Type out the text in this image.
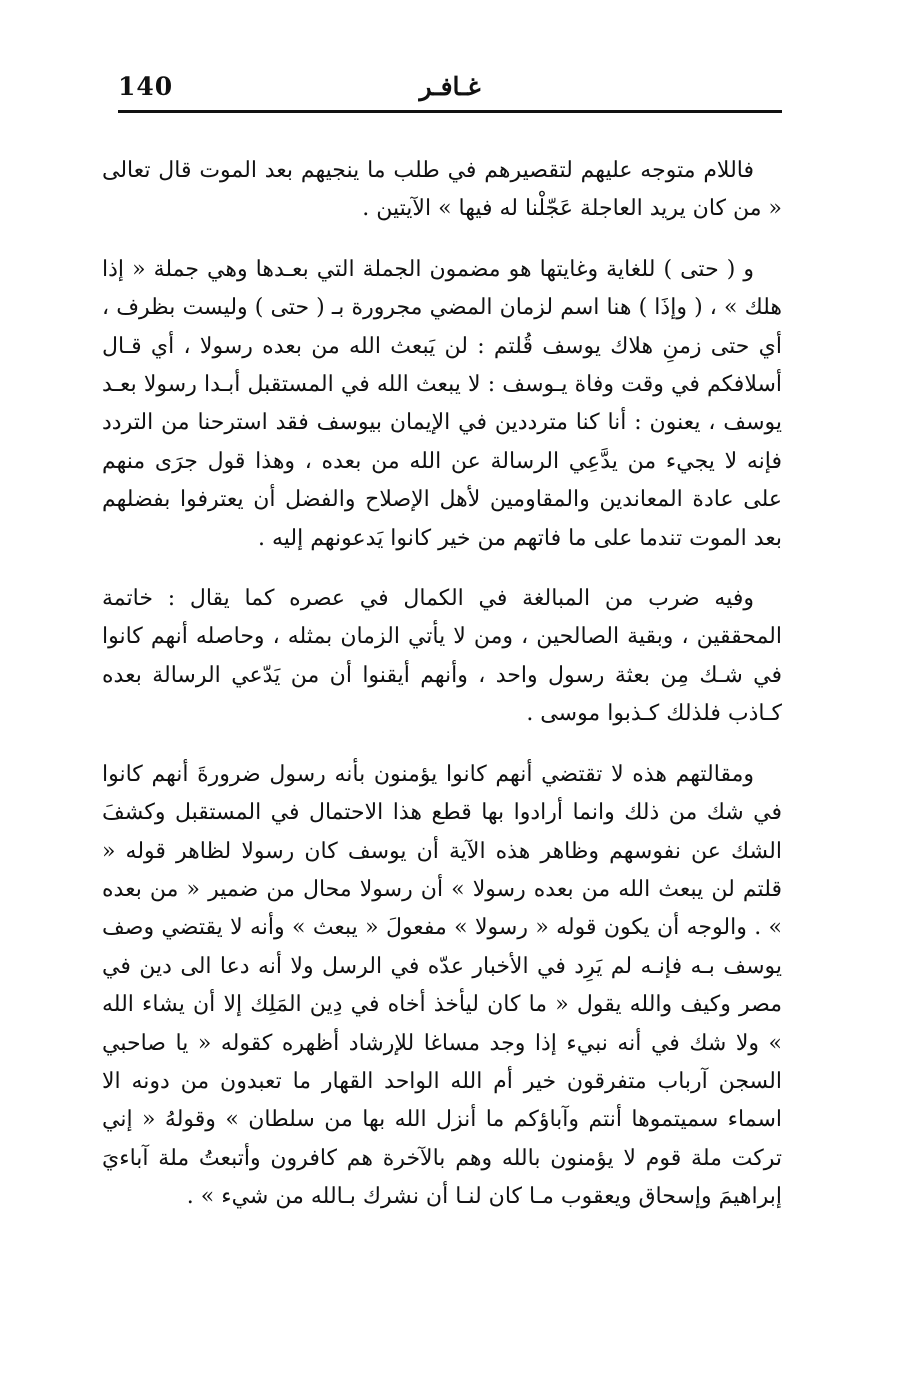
140	غـافـر

فاللام متوجه عليهم لتقصيرهم في طلب ما ينجيهم بعد الموت قال تعالى « من كان يريد العاجلة عَجّلْنا له فيها » الآيتين .

و ( حتى ) للغاية وغايتها هو مضمون الجملة التي بعـدها وهي جملة « إذا هلك » ، ( وإذَا ) هنا اسم لزمان المضي مجرورة بـ ( حتى ) وليست بظرف ، أي حتى زمنِ هلاك يوسف قُلتم : لن يَبعث الله من بعده رسولا ، أي قـال أسلافكم في وقت وفاة يـوسف : لا يبعث الله في المستقبل أبـدا رسولا بعـد يوسف ، يعنون : أنا كنا مترددين في الإيمان بيوسف فقد استرحنا من التردد فإنه لا يجيء من يدَّعِي الرسالة عن الله من بعده ، وهذا قول جرَى منهم على عادة المعاندين والمقاومين لأهل الإصلاح والفضل أن يعترفوا بفضلهم بعد الموت تندما على ما فاتهم من خير كانوا يَدعونهم إليه .

وفيه ضرب من المبالغة في الكمال في عصره كما يقال : خاتمة المحققين ، وبقية الصالحين ، ومن لا يأتي الزمان بمثله ، وحاصله أنهم كانوا في شـك مِن بعثة رسول واحد ، وأنهم أيقنوا أن من يَدّعي الرسالة بعده كـاذب فلذلك كـذبوا موسى .

ومقالتهم هذه لا تقتضي أنهم كانوا يؤمنون بأنه رسول ضرورةَ أنهم كانوا في شك من ذلك وانما أرادوا بها قطع هذا الاحتمال في المستقبل وكشفَ الشك عن نفوسهم وظاهر هذه الآية أن يوسف كان رسولا لظاهر قوله « قلتم لن يبعث الله من بعده رسولا » أن رسولا محال من ضمير « من بعده » . والوجه أن يكون قوله « رسولا » مفعولَ « يبعث » وأنه لا يقتضي وصف يوسف بـه فإنـه لم يَرِد في الأخبار عدّه في الرسل ولا أنه دعا الى دين في مصر وكيف والله يقول « ما كان ليأخذ أخاه في دِين المَلِك إلا أن يشاء الله » ولا شك في أنه نبيء إذا وجد مساغا للإرشاد أظهره كقوله « يا صاحبي السجن آرباب متفرقون خير أم الله الواحد القهار ما تعبدون من دونه الا اسماء سميتموها أنتم وآباؤكم ما أنزل الله بها من سلطان » وقولهُ « إني تركت ملة قوم لا يؤمنون بالله وهم بالآخرة هم كافرون وأتبعتُ ملة آباءيَ إبراهيمَ وإسحاق ويعقوب مـا كان لنـا أن نشرك بـالله من شيء » .
